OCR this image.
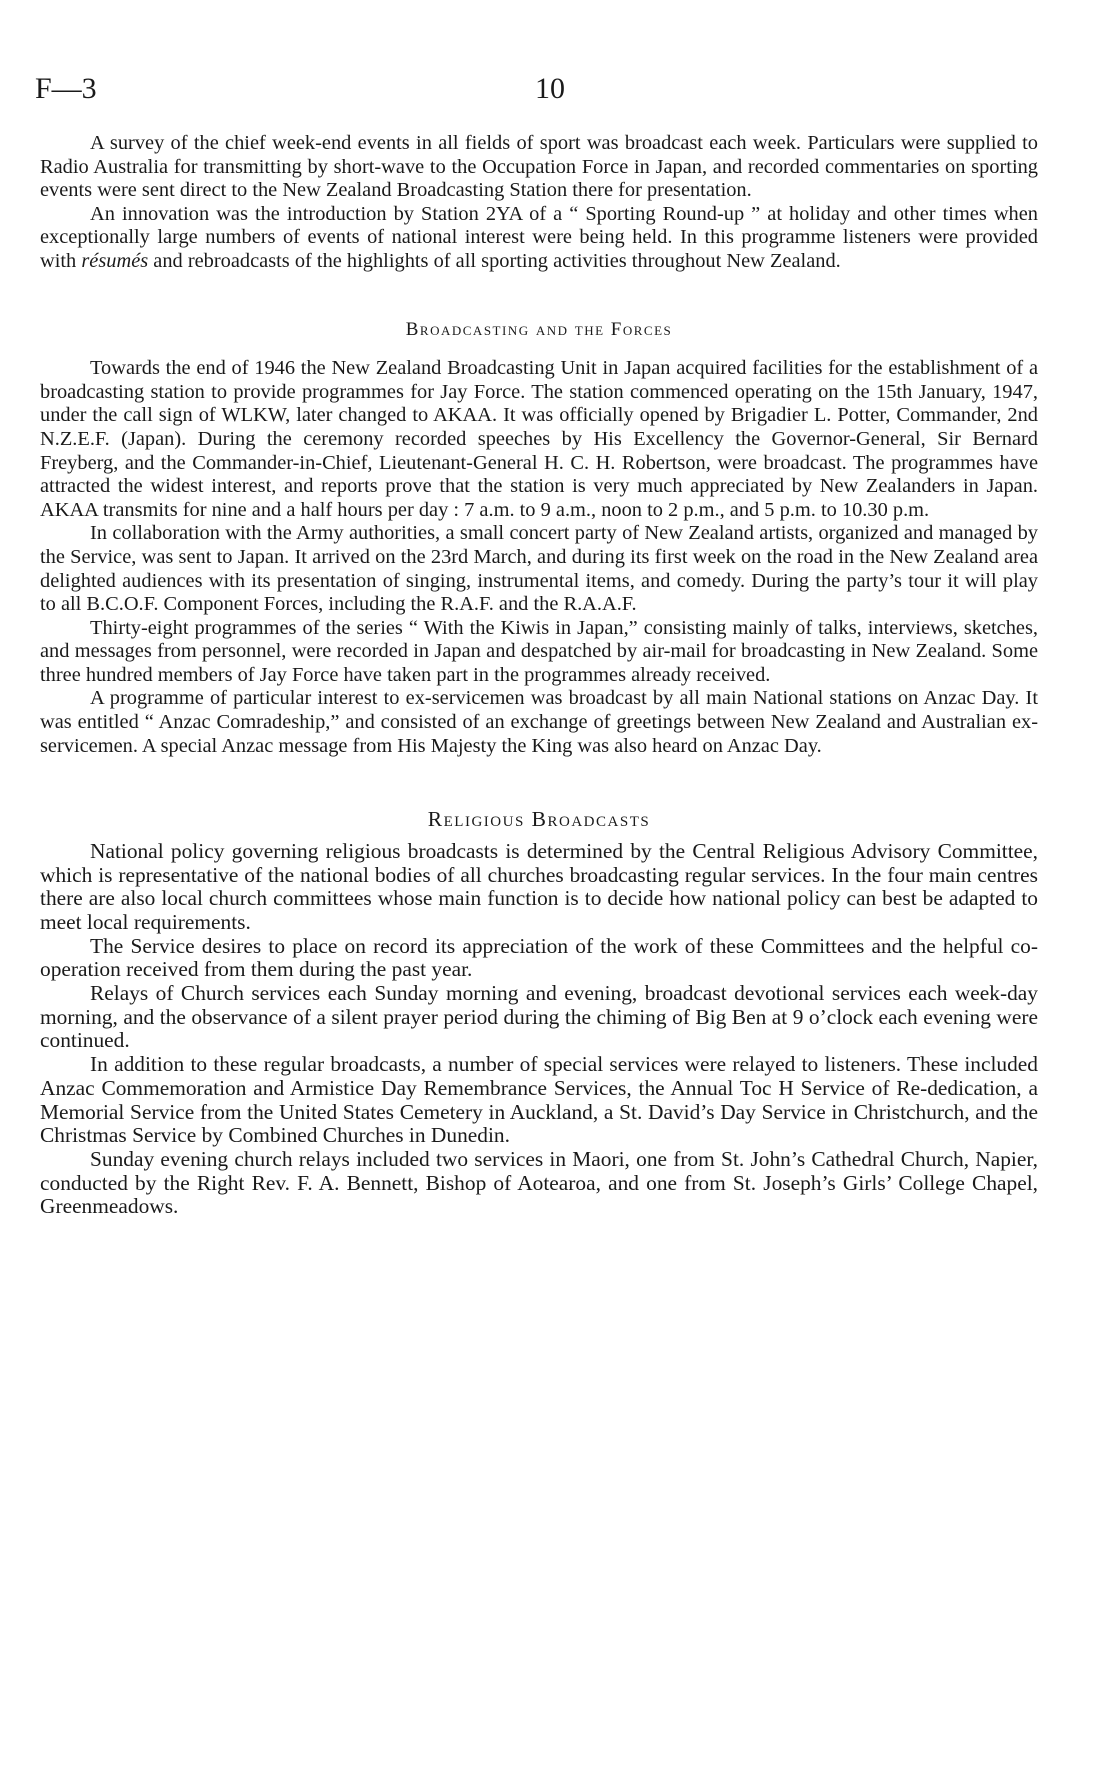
F—3	10

A survey of the chief week-end events in all fields of sport was broadcast each week. Particulars were supplied to Radio Australia for transmitting by short-wave to the Occupation Force in Japan, and recorded commentaries on sporting events were sent direct to the New Zealand Broadcasting Station there for presentation.

An innovation was the introduction by Station 2YA of a “ Sporting Round-up ” at holiday and other times when exceptionally large numbers of events of national interest were being held. In this programme listeners were provided with résumés and rebroadcasts of the highlights of all sporting activities throughout New Zealand.

Broadcasting and the Forces

Towards the end of 1946 the New Zealand Broadcasting Unit in Japan acquired facilities for the establishment of a broadcasting station to provide programmes for Jay Force. The station commenced operating on the 15th January, 1947, under the call sign of WLKW, later changed to AKAA. It was officially opened by Brigadier L. Potter, Commander, 2nd N.Z.E.F. (Japan). During the ceremony recorded speeches by His Excellency the Governor-General, Sir Bernard Freyberg, and the Commander-in-Chief, Lieutenant-General H. C. H. Robertson, were broadcast. The programmes have attracted the widest interest, and reports prove that the station is very much appreciated by New Zealanders in Japan. AKAA transmits for nine and a half hours per day : 7 a.m. to 9 a.m., noon to 2 p.m., and 5 p.m. to 10.30 p.m.

In collaboration with the Army authorities, a small concert party of New Zealand artists, organized and managed by the Service, was sent to Japan. It arrived on the 23rd March, and during its first week on the road in the New Zealand area delighted audiences with its presentation of singing, instrumental items, and comedy. During the party’s tour it will play to all B.C.O.F. Component Forces, including the R.A.F. and the R.A.A.F.

Thirty-eight programmes of the series “ With the Kiwis in Japan,” consisting mainly of talks, interviews, sketches, and messages from personnel, were recorded in Japan and despatched by air-mail for broadcasting in New Zealand. Some three hundred members of Jay Force have taken part in the programmes already received.

A programme of particular interest to ex-servicemen was broadcast by all main National stations on Anzac Day. It was entitled “ Anzac Comradeship,” and consisted of an exchange of greetings between New Zealand and Australian ex-servicemen. A special Anzac message from His Majesty the King was also heard on Anzac Day.

Religious Broadcasts

National policy governing religious broadcasts is determined by the Central Religious Advisory Committee, which is representative of the national bodies of all churches broadcasting regular services. In the four main centres there are also local church committees whose main function is to decide how national policy can best be adapted to meet local requirements.

The Service desires to place on record its appreciation of the work of these Committees and the helpful co-operation received from them during the past year.

Relays of Church services each Sunday morning and evening, broadcast devotional services each week-day morning, and the observance of a silent prayer period during the chiming of Big Ben at 9 o’clock each evening were continued.

In addition to these regular broadcasts, a number of special services were relayed to listeners. These included Anzac Commemoration and Armistice Day Remembrance Services, the Annual Toc H Service of Re-dedication, a Memorial Service from the United States Cemetery in Auckland, a St. David’s Day Service in Christchurch, and the Christmas Service by Combined Churches in Dunedin.

Sunday evening church relays included two services in Maori, one from St. John’s Cathedral Church, Napier, conducted by the Right Rev. F. A. Bennett, Bishop of Aotearoa, and one from St. Joseph’s Girls’ College Chapel, Greenmeadows.
